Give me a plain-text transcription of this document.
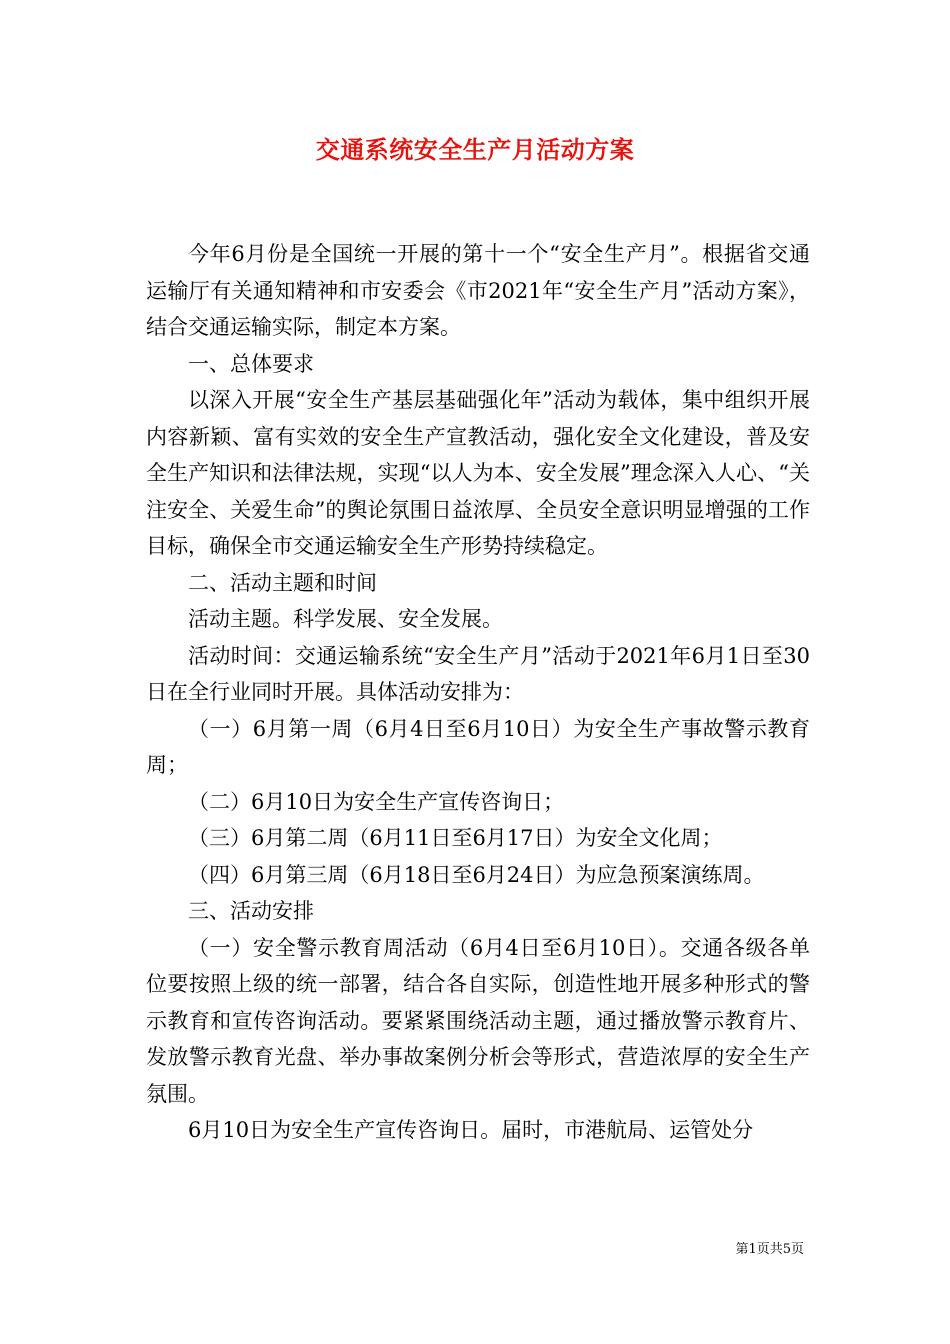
交通系统安全生产月活动方案

今年6月份是全国统一开展的第十一个“安全生产月”。根据省交通运输厅有关通知精神和市安委会《市2021年“安全生产月”活动方案》，结合交通运输实际，制定本方案。

一、总体要求

以深入开展“安全生产基层基础强化年”活动为载体，集中组织开展内容新颖、富有实效的安全生产宣教活动，强化安全文化建设，普及安全生产知识和法律法规，实现“以人为本、安全发展”理念深入人心、“关注安全、关爱生命”的舆论氛围日益浓厚、全员安全意识明显增强的工作目标，确保全市交通运输安全生产形势持续稳定。

二、活动主题和时间

活动主题。科学发展、安全发展。

活动时间：交通运输系统“安全生产月”活动于2021年6月1日至30日在全行业同时开展。具体活动安排为：

（一）6月第一周（6月4日至6月10日）为安全生产事故警示教育周；

（二）6月10日为安全生产宣传咨询日；

（三）6月第二周（6月11日至6月17日）为安全文化周；

（四）6月第三周（6月18日至6月24日）为应急预案演练周。

三、活动安排

（一）安全警示教育周活动（6月4日至6月10日）。交通各级各单位要按照上级的统一部署，结合各自实际，创造性地开展多种形式的警示教育和宣传咨询活动。要紧紧围绕活动主题，通过播放警示教育片、发放警示教育光盘、举办事故案例分析会等形式，营造浓厚的安全生产氛围。

6月10日为安全生产宣传咨询日。届时，市港航局、运管处分

第1页共5页
